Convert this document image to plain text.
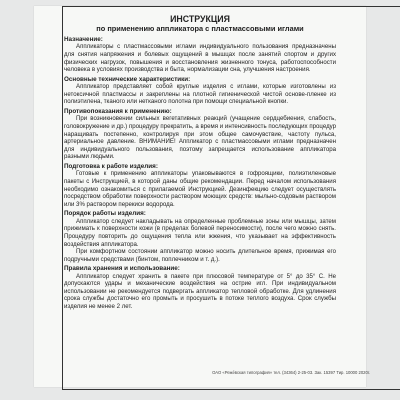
ИНСТРУКЦИЯ

по применению аппликатора с пластмассовыми иглами

Назначение:

Аппликаторы с пластмассовыми иглами индивидуального пользования предназначены для снятия напряжения и болевых ощущений в мышцах после занятий спортом и других физических нагрузок, повышения и восстановления жизненного тонуса, работоспособности человека в условиях производства и быта, нормализации сна, улучшения настроения.

Основные технические характеристики:

Аппликатор представляет собой круглые изделия с иглами, которые изготовлены из нетоксичной пластмассы и закреплены на плотной гигиенической чистой основе-пленке из полиэтилена, тканого или нетканого полотна при помощи специальной кнопки.

Противопоказания к применению:

При возникновении сильных вегетативных реакций (учащение сердцебиения, слабость, головокружение и др.) процедуру прекратить, а время и интенсивность последующих процедур наращивать постепенно, контролируя при этом общее самочувствие, частоту пульса, артериальное давление. ВНИМАНИЕ! Аппликатор с пластмассовыми иглами предназначен для индивидуального пользования, поэтому запрещается использование аппликатора разными людьми.

Подготовка к работе изделия:

Готовые к применению аппликаторы упаковываются в гофроящики, полиэтиленовые пакеты с Инструкцией, в которой даны общие рекомендации. Перед началом использования необходимо ознакомиться с прилагаемой Инструкцией. Дезинфекцию следует осуществлять посредством обработки поверхности раствором моющих средств: мыльно-содовым раствором или 3% раствором перекиси водорода.

Порядок работы изделия:

Аппликатор следует накладывать на определенные проблемные зоны или мышцы, затем прижимать к поверхности кожи (в пределах болевой переносимости), после чего можно снять. Процедуру повторить до ощущения тепла или жжения, что указывает на эффективность воздействия аппликатора.

При комфортном состоянии аппликатор можно носить длительное время, прижимая его подручными средствами (бинтом, поплечником и т. д.).

Правила хранения и использование:

Аппликатор следует хранить в пакете при плюсовой температуре от 5° до 35° С. Не допускаются удары и механические воздействия на острие игл. При индивидуальном использовании не рекомендуется подвергать аппликатор тепловой обработке. Для удлинения срока службы достаточно его промыть и просушить в потоке теплого воздуха. Срок службы изделия не менее 2 лет.

ОАО «Реже́вская типография» тел. (34364) 2-25-03. Зак. 15397 Тир. 10000 2020г.
